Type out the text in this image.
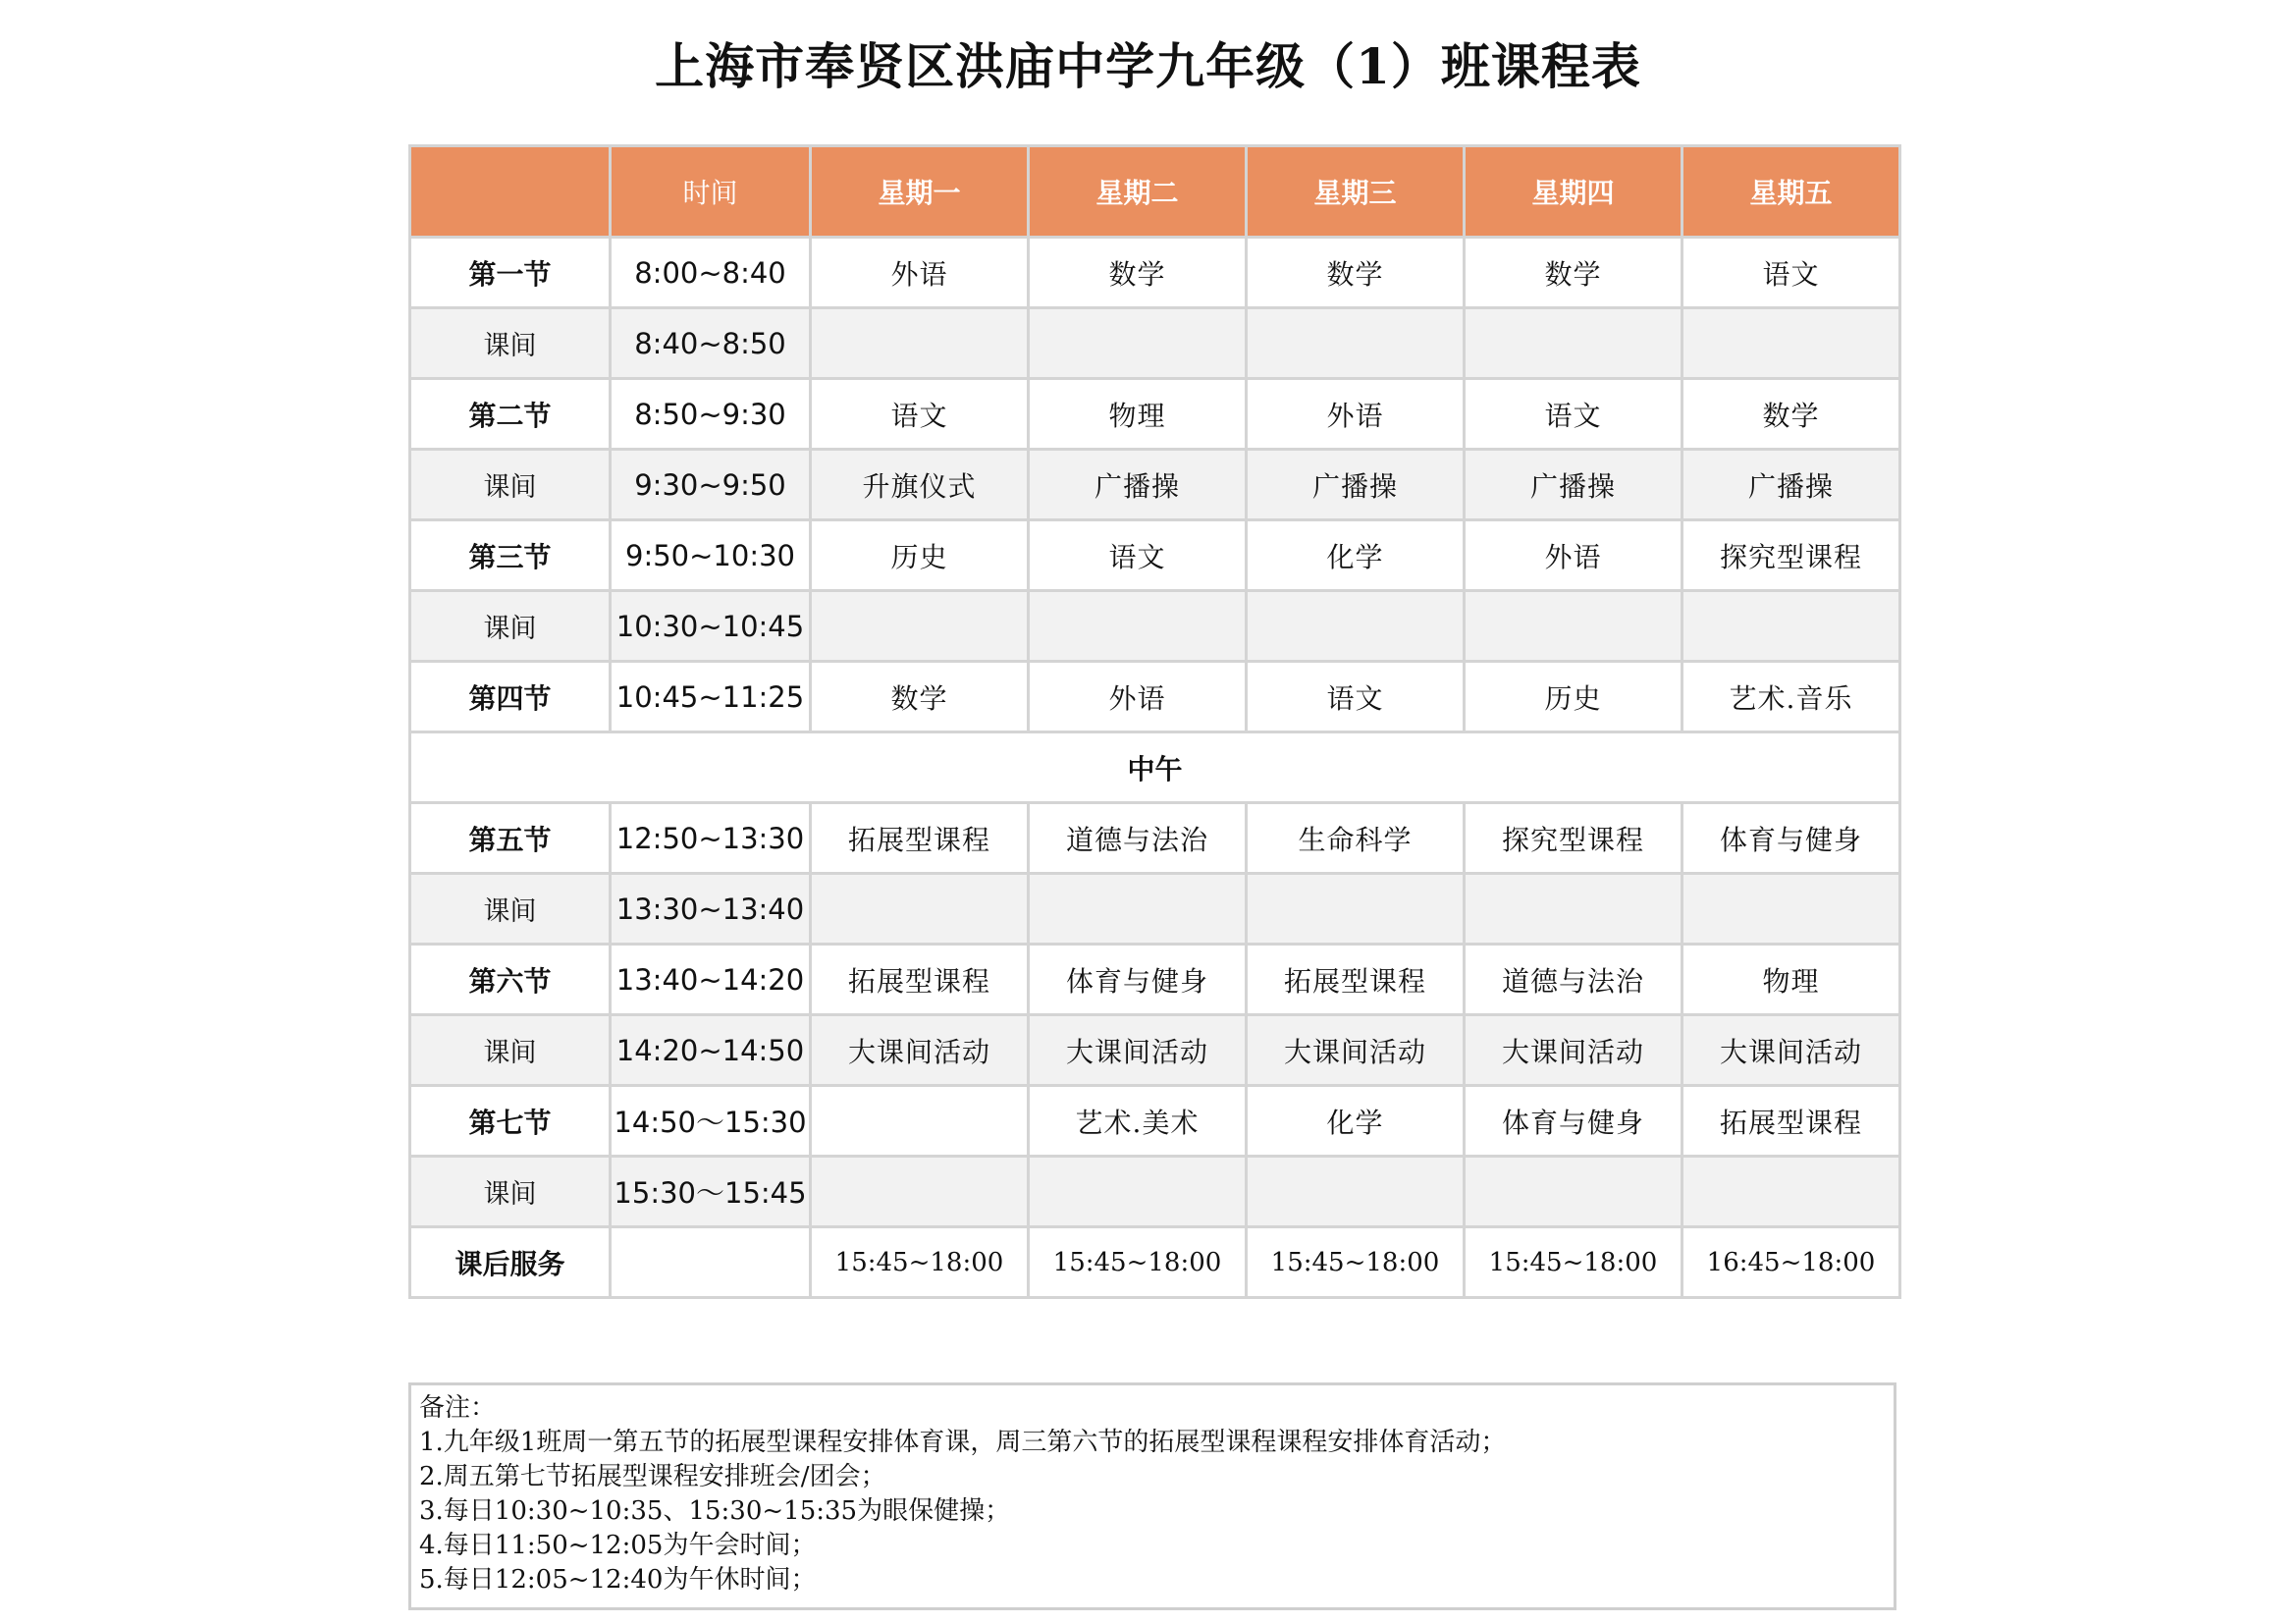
上海市奉贤区洪庙中学九年级（1）班课程表
	时间	星期一	星期二	星期三	星期四	星期五
第一节	8:00~8:40	外语	数学	数学	数学	语文
课间	8:40~8:50					
第二节	8:50~9:30	语文	物理	外语	语文	数学
课间	9:30~9:50	升旗仪式	广播操	广播操	广播操	广播操
第三节	9:50~10:30	历史	语文	化学	外语	探究型课程
课间	10:30~10:45					
第四节	10:45~11:25	数学	外语	语文	历史	艺术.音乐
中午						
第五节	12:50~13:30	拓展型课程	道德与法治	生命科学	探究型课程	体育与健身
课间	13:30~13:40					
第六节	13:40~14:20	拓展型课程	体育与健身	拓展型课程	道德与法治	物理
课间	14:20~14:50	大课间活动	大课间活动	大课间活动	大课间活动	大课间活动
第七节	14:50～15:30		艺术.美术	化学	体育与健身	拓展型课程
课间	15:30～15:45					
课后服务		15:45~18:00	15:45~18:00	15:45~18:00	15:45~18:00	16:45~18:00
备注：
1.九年级1班周一第五节的拓展型课程安排体育课，周三第六节的拓展型课程课程安排体育活动；
2.周五第七节拓展型课程安排班会/团会；
3.每日10:30~10:35、15:30~15:35为眼保健操；
4.每日11:50~12:05为午会时间；
5.每日12:05~12:40为午休时间；
